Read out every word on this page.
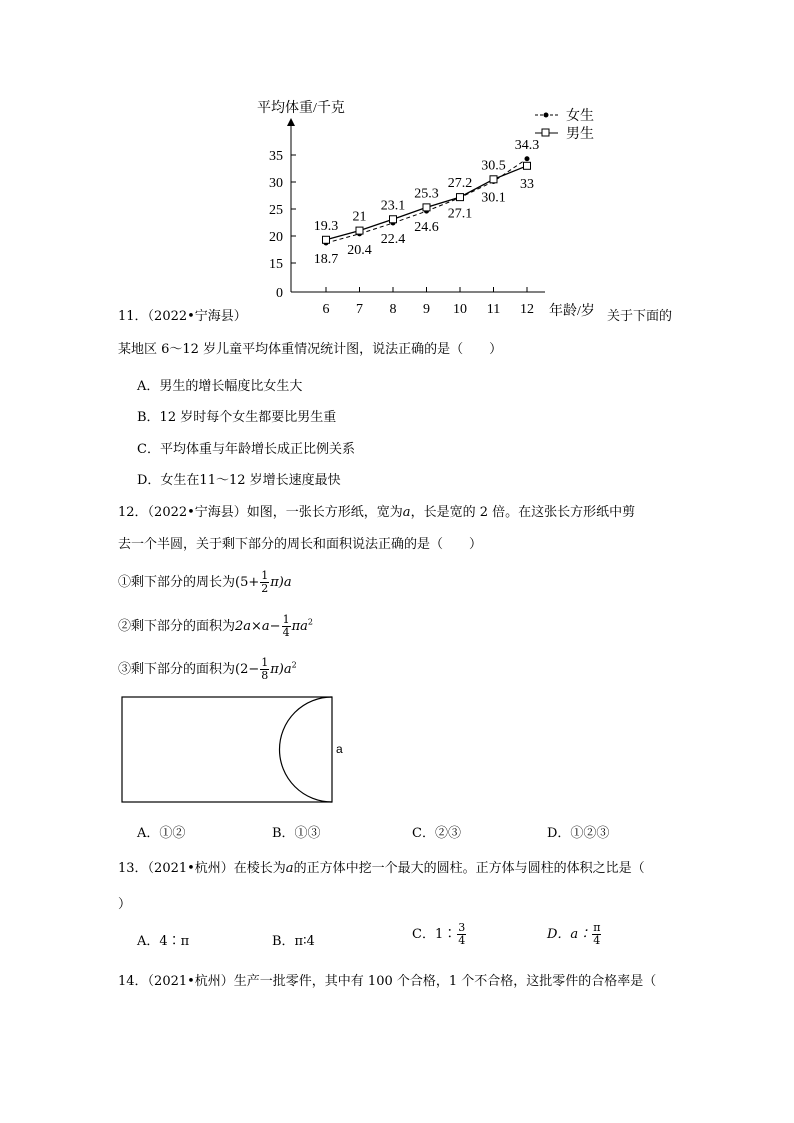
平均体重/千克
0
15
20
25
30
35
6 7 8 9 10 11 12
18.7
20.4
22.4
24.6
27.1
30.1
34.3
19.3
21
23.1
25.3
27.2
30.5
33
年龄/岁
女生
男生
11．（2022•宁海县）	关于下面的
某地区 6～12 岁儿童平均体重情况统计图，说法正确的是（　　）
A．男生的增长幅度比女生大
B．12 岁时每个女生都要比男生重
C．平均体重与年龄增长成正比例关系
D．女生在11～12 岁增长速度最快
12．（2022•宁海县）如图，一张长方形纸，宽为a，长是宽的 2 倍。在这张长方形纸中剪
去一个半圆，关于剩下部分的周长和面积说法正确的是（　　）
①剩下部分的周长为$(5+ \frac{1}{2} \pi)a$
②剩下部分的面积为$2a\times a- \frac{1}{4} \pi a^2$
③剩下部分的面积为$(2- \frac{1}{8} \pi)a^2$
a
A．①②	B．①③	C．②③	D．①②③
13．（2021•杭州）在棱长为a的正方体中挖一个最大的圆柱。正方体与圆柱的体积之比是（
）
A．4∶π	B．π∶4	C．1∶ $\frac{3}{4}$	D．a∶ $\frac{\pi}{4}$
14．（2021•杭州）生产一批零件，其中有 100 个合格，1 个不合格，这批零件的合格率是（
